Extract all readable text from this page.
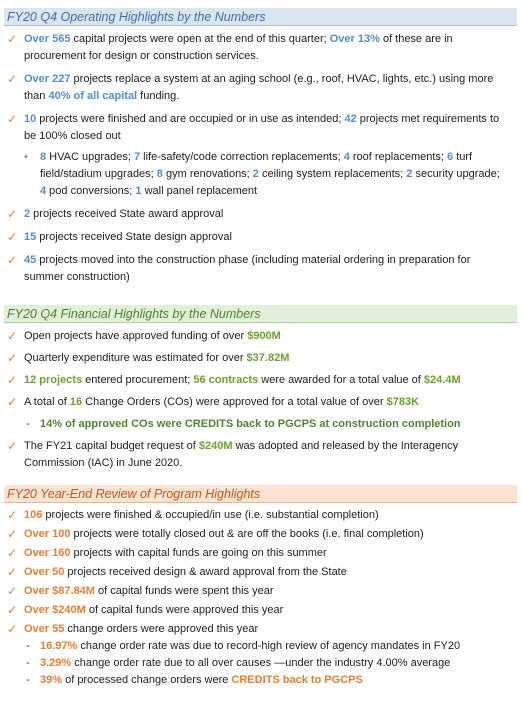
FY20 Q4 Operating Highlights by the Numbers
✓ Over 565 capital projects were open at the end of this quarter; Over 13% of these are in procurement for design or construction services.
✓ Over 227 projects replace a system at an aging school (e.g., roof, HVAC, lights, etc.) using more than 40% of all capital funding.
✓ 10 projects were finished and are occupied or in use as intended; 42 projects met requirements to be 100% closed out
• 8 HVAC upgrades; 7 life-safety/code correction replacements; 4 roof replacements; 6 turf field/stadium upgrades; 8 gym renovations; 2 ceiling system replacements; 2 security upgrade; 4 pod conversions; 1 wall panel replacement
✓ 2 projects received State award approval
✓ 15 projects received State design approval
✓ 45 projects moved into the construction phase (including material ordering in preparation for summer construction)
FY20 Q4 Financial Highlights by the Numbers
✓ Open projects have approved funding of over $900M
✓ Quarterly expenditure was estimated for over $37.82M
✓ 12 projects entered procurement; 56 contracts were awarded for a total value of $24.4M
✓ A total of 16 Change Orders (COs) were approved for a total value of over $783K
- 14% of approved COs were CREDITS back to PGCPS at construction completion
✓ The FY21 capital budget request of $240M was adopted and released by the Interagency Commission (IAC) in June 2020.
FY20 Year-End Review of Program Highlights
✓ 106 projects were finished & occupied/in use (i.e. substantial completion)
✓ Over 100 projects were totally closed out & are off the books (i.e. final completion)
✓ Over 160 projects with capital funds are going on this summer
✓ Over 50 projects received design & award approval from the State
✓ Over $87.84M of capital funds were spent this year
✓ Over $240M of capital funds were approved this year
✓ Over 55 change orders were approved this year
- 16.97% change order rate was due to record-high review of agency mandates in FY20
- 3.29% change order rate due to all over causes —under the industry 4.00% average
- 39% of processed change orders were CREDITS back to PGCPS
